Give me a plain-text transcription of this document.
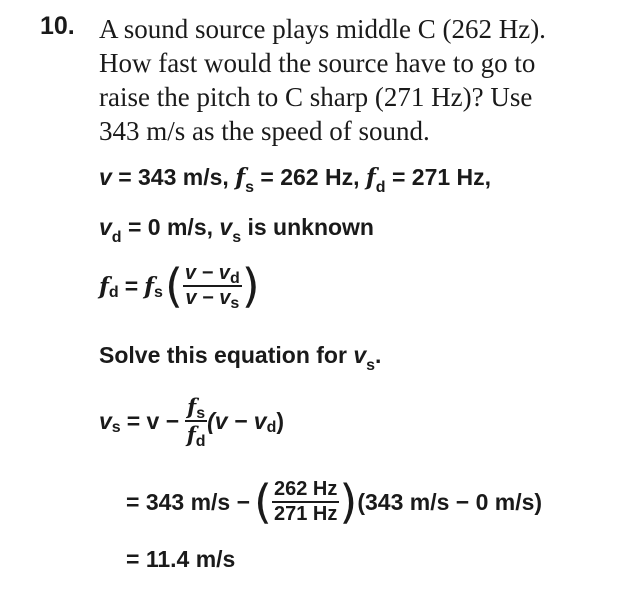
10. A sound source plays middle C (262 Hz).
How fast would the source have to go to
raise the pitch to C sharp (271 Hz)? Use
343 m/s as the speed of sound.
v = 343 m/s, $f_s = 262$ Hz, $f_d = 271$ Hz,
$v_d = 0$ m/s, $v_s$ is unknown
f d = f s ( $\frac{v - v_d}{v - v_s}$ )
Solve this equation for $v_s$.
v $s = v - \frac{fs}{fd} (v - v$ d )
= 343 m/s − ( $\frac{262 Hz}{271 Hz}$ ) (343 m/s − 0 m/s)
= 11.4 m/s
